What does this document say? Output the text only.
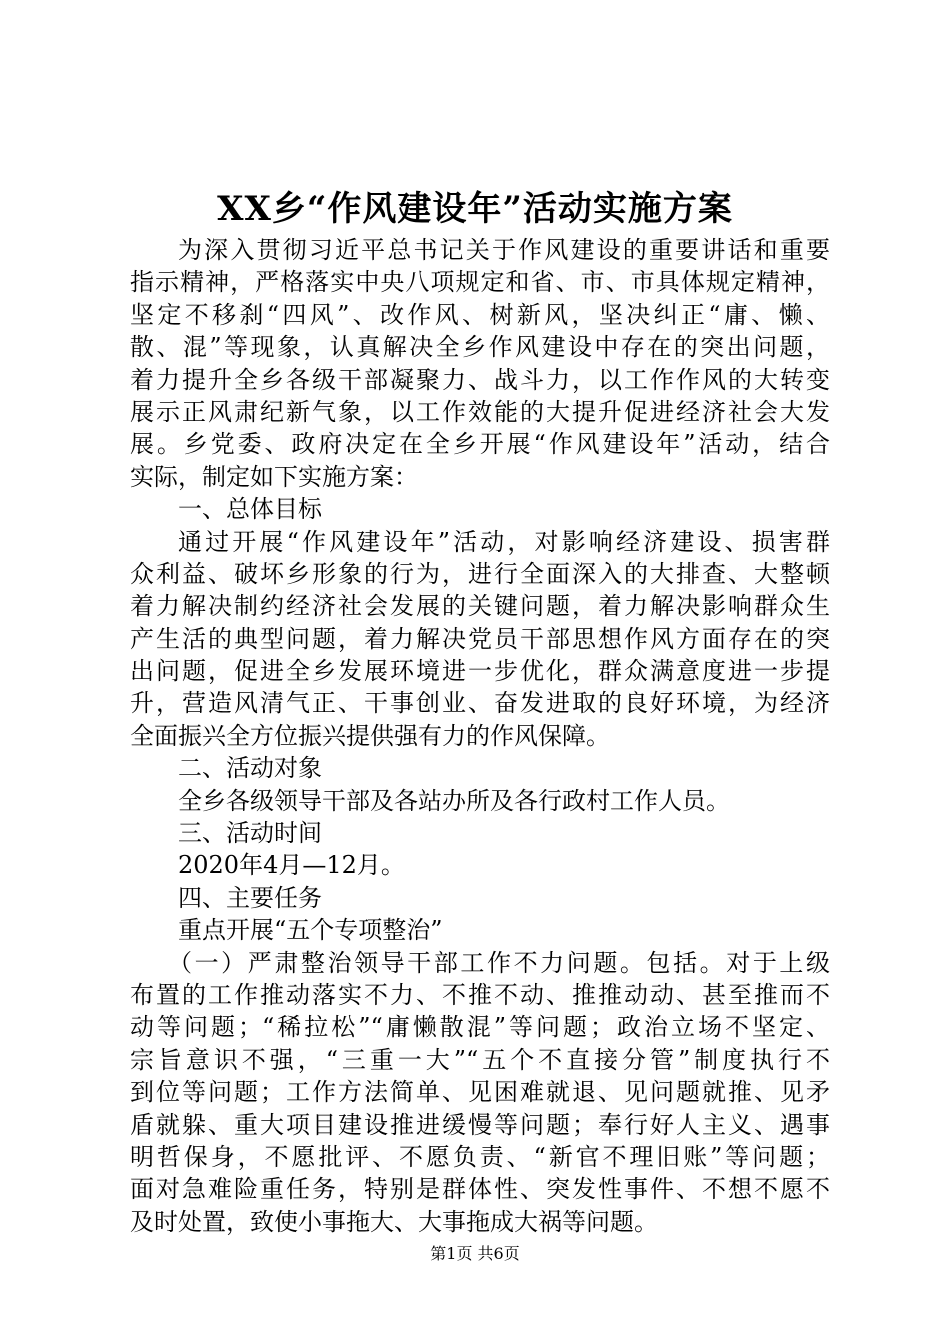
XX乡“作风建设年”活动实施方案
为深入贯彻习近平总书记关于作风建设的重要讲话和重要
指示精神，严格落实中央八项规定和省、市、市具体规定精神，
坚定不移刹“四风”、改作风、树新风，坚决纠正“庸、懒、
散、混”等现象，认真解决全乡作风建设中存在的突出问题，
着力提升全乡各级干部凝聚力、战斗力，以工作作风的大转变
展示正风肃纪新气象，以工作效能的大提升促进经济社会大发
展。乡党委、政府决定在全乡开展“作风建设年”活动，结合
实际，制定如下实施方案：
一、总体目标
通过开展“作风建设年”活动，对影响经济建设、损害群
众利益、破坏乡形象的行为，进行全面深入的大排查、大整顿
着力解决制约经济社会发展的关键问题，着力解决影响群众生
产生活的典型问题，着力解决党员干部思想作风方面存在的突
出问题，促进全乡发展环境进一步优化，群众满意度进一步提
升，营造风清气正、干事创业、奋发进取的良好环境，为经济
全面振兴全方位振兴提供强有力的作风保障。
二、活动对象
全乡各级领导干部及各站办所及各行政村工作人员。
三、活动时间
2020年4月—12月。
四、主要任务
重点开展“五个专项整治”
（一）严肃整治领导干部工作不力问题。包括。对于上级
布置的工作推动落实不力、不推不动、推推动动、甚至推而不
动等问题；“稀拉松”“庸懒散混”等问题；政治立场不坚定、
宗旨意识不强，“三重一大”“五个不直接分管”制度执行不
到位等问题；工作方法简单、见困难就退、见问题就推、见矛
盾就躲、重大项目建设推进缓慢等问题；奉行好人主义、遇事
明哲保身，不愿批评、不愿负责、“新官不理旧账”等问题；
面对急难险重任务，特别是群体性、突发性事件、不想不愿不
及时处置，致使小事拖大、大事拖成大祸等问题。
第1页 共6页
